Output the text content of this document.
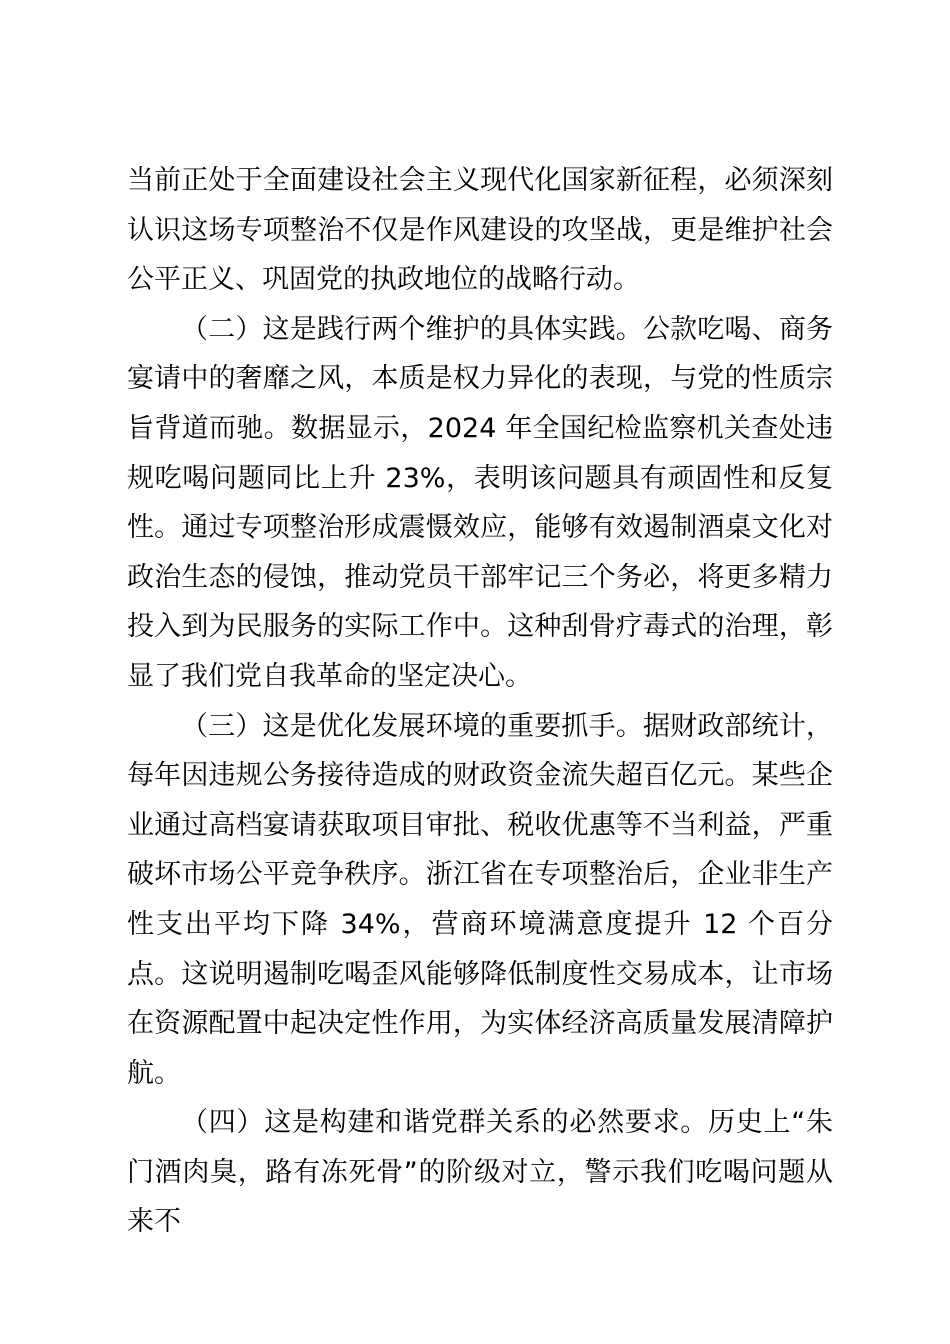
当前正处于全面建设社会主义现代化国家新征程，必须深刻认识这场专项整治不仅是作风建设的攻坚战，更是维护社会公平正义、巩固党的执政地位的战略行动。

（二）这是践行两个维护的具体实践。公款吃喝、商务宴请中的奢靡之风，本质是权力异化的表现，与党的性质宗旨背道而驰。数据显示，2024 年全国纪检监察机关查处违规吃喝问题同比上升 23%，表明该问题具有顽固性和反复性。通过专项整治形成震慑效应，能够有效遏制酒桌文化对政治生态的侵蚀，推动党员干部牢记三个务必，将更多精力投入到为民服务的实际工作中。这种刮骨疗毒式的治理，彰显了我们党自我革命的坚定决心。

（三）这是优化发展环境的重要抓手。据财政部统计，每年因违规公务接待造成的财政资金流失超百亿元。某些企业通过高档宴请获取项目审批、税收优惠等不当利益，严重破坏市场公平竞争秩序。浙江省在专项整治后，企业非生产性支出平均下降 34%，营商环境满意度提升 12 个百分点。这说明遏制吃喝歪风能够降低制度性交易成本，让市场在资源配置中起决定性作用，为实体经济高质量发展清障护航。

（四）这是构建和谐党群关系的必然要求。历史上“朱门酒肉臭，路有冻死骨”的阶级对立，警示我们吃喝问题从来不
